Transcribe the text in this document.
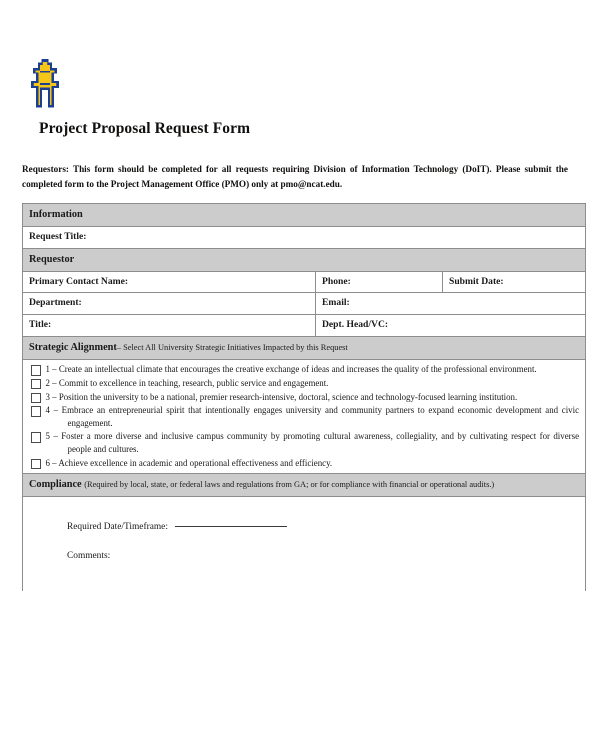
Project Proposal Request Form
Requestors: This form should be completed for all requests requiring Division of Information Technology (DoIT). Please submit the completed form to the Project Management Office (PMO) only at pmo@ncat.edu.
Information		
Request Title:		
Requestor		
Primary Contact Name:	Phone:	Submit Date:
Department:	Email:	
Title:	Dept. Head/VC:	
Strategic Alignment– Select All University Strategic Initiatives Impacted by this Request		

1 – Create an intellectual climate that encourages the creative exchange of ideas and increases the quality of the professional environment.
2 – Commit to excellence in teaching, research, public service and engagement.
3 – Position the university to be a national, premier research-intensive, doctoral, science and technology-focused learning institution.
4 – Embrace an entrepreneurial spirit that intentionally engages university and community partners to expand economic development and civic engagement.
5 – Foster a more diverse and inclusive campus community by promoting cultural awareness, collegiality, and by cultivating respect for diverse people and cultures.
6 – Achieve excellence in academic and operational effectiveness and efficiency.

Compliance (Required by local, state, or federal laws and regulations from GA; or for compliance with financial or operational audits.)		

Required Date/Timeframe:
Comments:		
